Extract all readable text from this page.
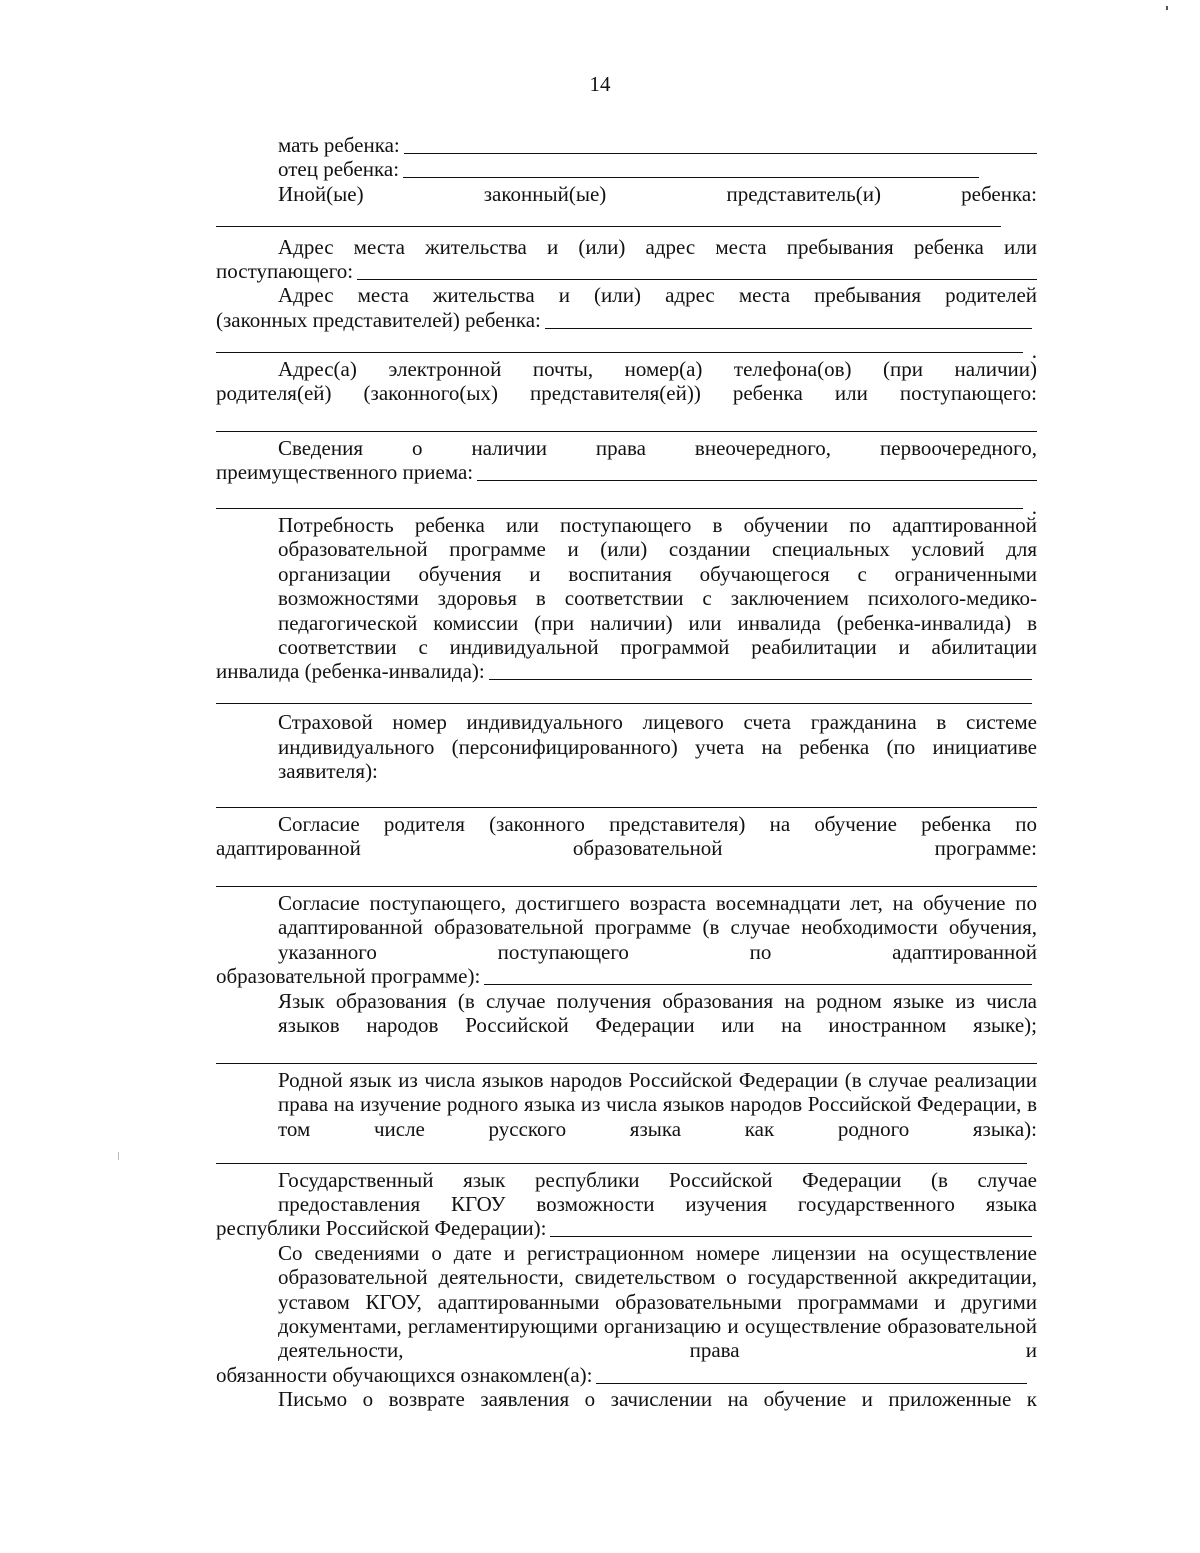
14
мать ребенка:
отец ребенка:
Иной(ые)	законный(ые)	представитель(и)	ребенка:
Адрес места жительства и (или) адрес места пребывания ребенка или
поступающего:
Адрес места жительства и (или) адрес места пребывания родителей
(законных представителей) ребенка:
.
Адрес(а) электронной почты, номер(а) телефона(ов) (при наличии)
родителя(ей) (законного(ых) представителя(ей)) ребенка или поступающего:
Сведения о наличии права внеочередного, первоочередного,
преимущественного приема:
.
Потребность ребенка или поступающего в обучении по адаптированной образовательной программе и (или) создании специальных условий для организации обучения и воспитания обучающегося с ограниченными возможностями здоровья в соответствии с заключением психолого-медико-педагогической комиссии (при наличии) или инвалида (ребенка-инвалида) в соответствии с индивидуальной программой реабилитации и абилитации
инвалида (ребенка-инвалида):
Страховой номер индивидуального лицевого счета гражданина в системе индивидуального (персонифицированного) учета на ребенка (по инициативе заявителя):
Согласие родителя (законного представителя) на обучение ребенка по
адаптированной	образовательной	программе:
Согласие поступающего, достигшего возраста восемнадцати лет, на обучение по адаптированной образовательной программе (в случае необходимости обучения, указанного поступающего по адаптированной
образовательной программе):
Язык образования (в случае получения образования на родном языке из числа языков народов Российской Федерации или на иностранном языке);
Родной язык из числа языков народов Российской Федерации (в случае реализации права на изучение родного языка из числа языков народов Российской Федерации, в том числе русского языка как родного языка):
Государственный язык республики Российской Федерации (в случае предоставления КГОУ возможности изучения государственного языка
республики Российской Федерации):
Со сведениями о дате и регистрационном номере лицензии на осуществление образовательной деятельности, свидетельством о государственной аккредитации, уставом КГОУ, адаптированными образовательными программами и другими документами, регламентирующими организацию и осуществление образовательной деятельности, права и
обязанности обучающихся ознакомлен(а):
Письмо о возврате заявления о зачислении на обучение и приложенные к
